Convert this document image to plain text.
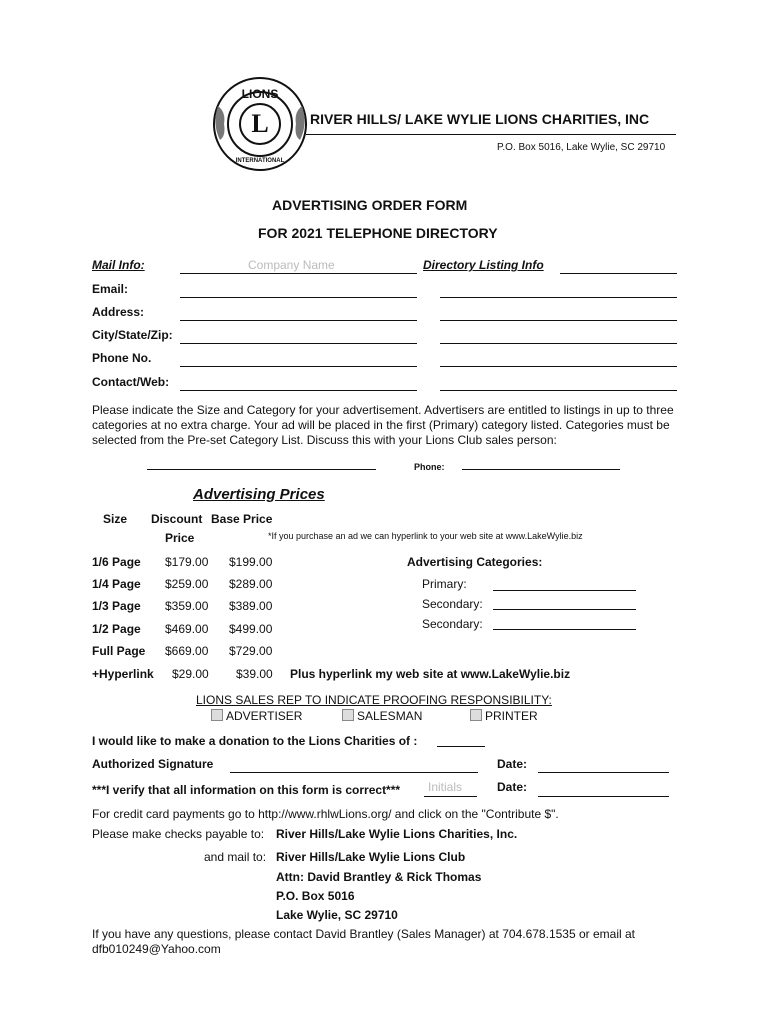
L
LIONS
INTERNATIONAL
RIVER HILLS/ LAKE WYLIE LIONS CHARITIES, INC
P.O. Box 5016, Lake Wylie, SC 29710
ADVERTISING ORDER FORM
FOR 2021 TELEPHONE DIRECTORY
Mail Info:	Company Name	Directory Listing Info
Email:
Address:
City/State/Zip:
Phone No.
Contact/Web:
Please indicate the Size and Category for your advertisement. Advertisers are entitled to listings in up to three categories at no extra charge. Your ad will be placed in the first (Primary) category listed. Categories must be selected from the Pre-set Category List. Discuss this with your Lions Club sales person:
Phone:
Advertising Prices
Size Discount
Price
Base Price
*If you purchase an ad we can hyperlink to your web site at www.LakeWylie.biz
1/6 Page $179.00 $199.00
1/4 Page $259.00 $289.00
1/3 Page $359.00 $389.00
1/2 Page $469.00 $499.00
Full Page $669.00 $729.00
+Hyperlink $29.00 $39.00 Plus hyperlink my web site at www.LakeWylie.biz
Advertising Categories:
Primary:
Secondary:
Secondary:
LIONS SALES REP TO INDICATE PROOFING RESPONSIBILITY:
ADVERTISER	SALESMAN	PRINTER
I would like to make a donation to the Lions Charities of :
Authorized Signature	Date:
***I verify that all information on this form is correct*** Initials	Date:
For credit card payments go to http://www.rhlwLions.org/ and click on the "Contribute $".
Please make checks payable to: River Hills/Lake Wylie Lions Charities, Inc.
and mail to: River Hills/Lake Wylie Lions Club
Attn: David Brantley & Rick Thomas
P.O. Box 5016
Lake Wylie, SC 29710
If you have any questions, please contact David Brantley (Sales Manager) at 704.678.1535 or email at dfb010249@Yahoo.com
